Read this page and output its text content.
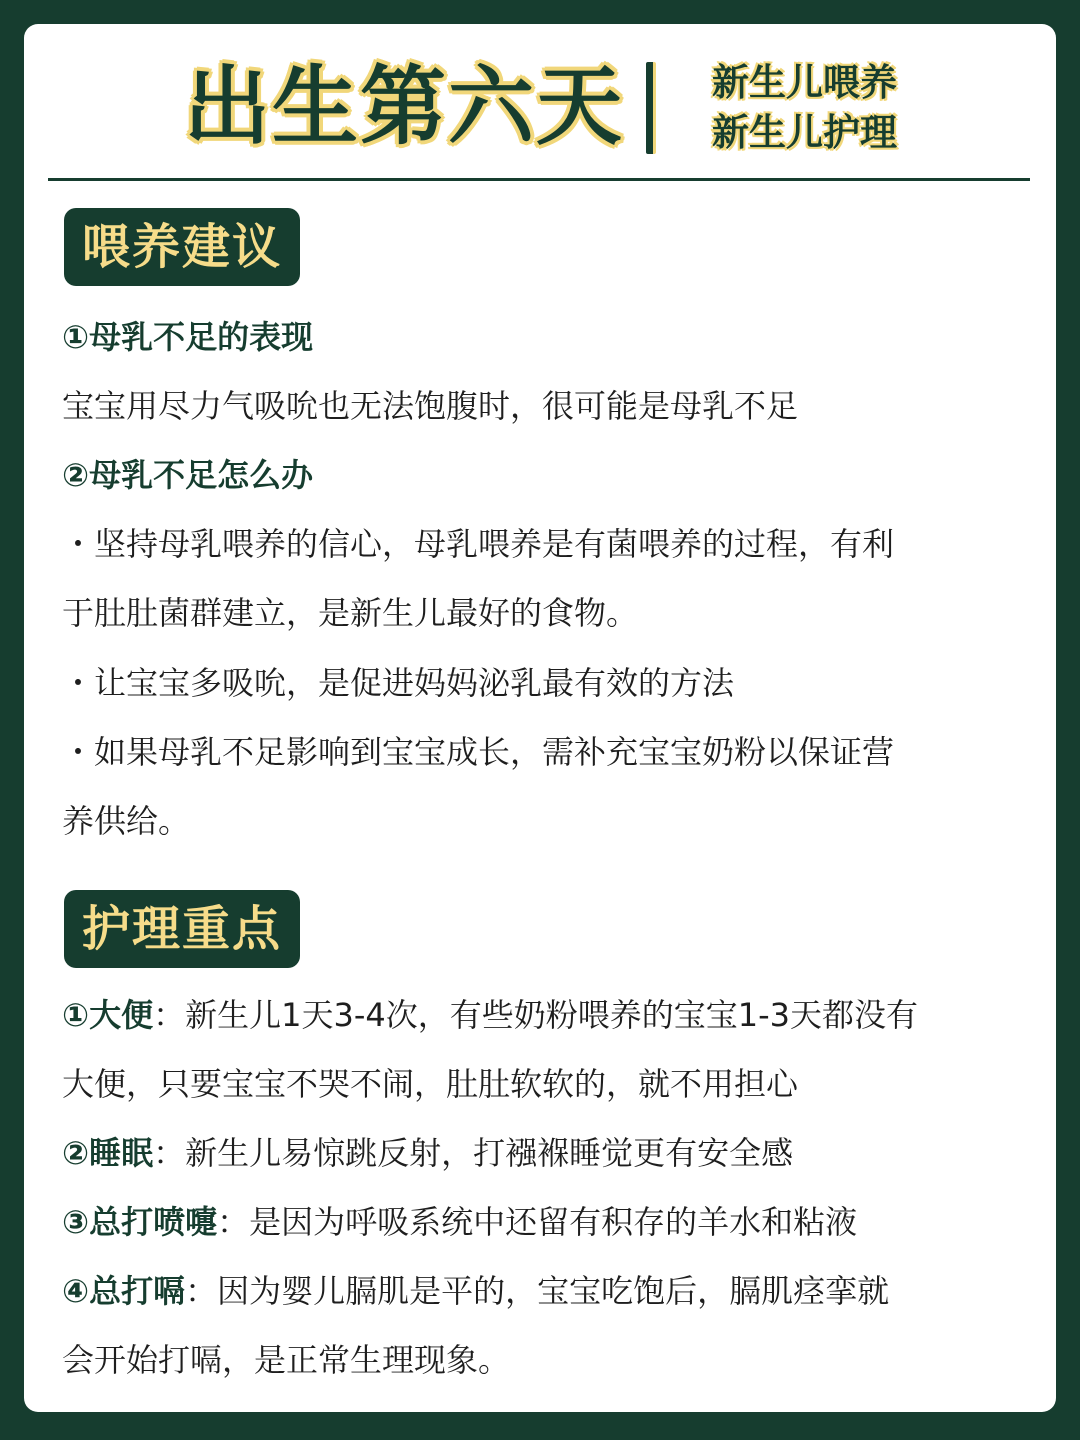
出生第六天 新生儿喂养
新生儿护理
喂养建议
①母乳不足的表现
宝宝用尽力气吸吮也无法饱腹时，很可能是母乳不足
②母乳不足怎么办
・坚持母乳喂养的信心，母乳喂养是有菌喂养的过程，有利
于肚肚菌群建立，是新生儿最好的食物。
・让宝宝多吸吮，是促进妈妈泌乳最有效的方法
・如果母乳不足影响到宝宝成长，需补充宝宝奶粉以保证营
养供给。
护理重点
①大便：新生儿1天3-4次，有些奶粉喂养的宝宝1-3天都没有
大便，只要宝宝不哭不闹，肚肚软软的，就不用担心
②睡眠：新生儿易惊跳反射，打襁褓睡觉更有安全感
③总打喷嚏：是因为呼吸系统中还留有积存的羊水和粘液
④总打嗝：因为婴儿膈肌是平的，宝宝吃饱后，膈肌痉挛就
会开始打嗝，是正常生理现象。
